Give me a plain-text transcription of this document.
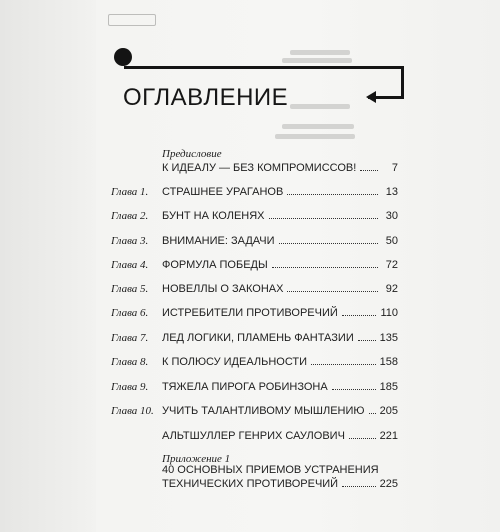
ОГЛАВЛЕНИЕ
Предисловие
К ИДЕАЛУ — БЕЗ КОМПРОМИССОВ!	7
Глава 1. СТРАШНЕЕ УРАГАНОВ	13
Глава 2. БУНТ НА КОЛЕНЯХ	30
Глава 3. ВНИМАНИЕ: ЗАДАЧИ	50
Глава 4. ФОРМУЛА ПОБЕДЫ	72
Глава 5. НОВЕЛЛЫ О ЗАКОНАХ	92
Глава 6. ИСТРЕБИТЕЛИ ПРОТИВОРЕЧИЙ	110
Глава 7. ЛЕД ЛОГИКИ, ПЛАМЕНЬ ФАНТАЗИИ 135
Глава 8. К ПОЛЮСУ ИДЕАЛЬНОСТИ	158
Глава 9. ТЯЖЕЛА ПИРОГА РОБИНЗОНА	185
Глава 10. УЧИТЬ ТАЛАНТЛИВОМУ МЫШЛЕНИЮ 205
АЛЬТШУЛЛЕР ГЕНРИХ САУЛОВИЧ	221
Приложение 1
40 ОСНОВНЫХ ПРИЕМОВ УСТРАНЕНИЯ
ТЕХНИЧЕСКИХ ПРОТИВОРЕЧИЙ	225
